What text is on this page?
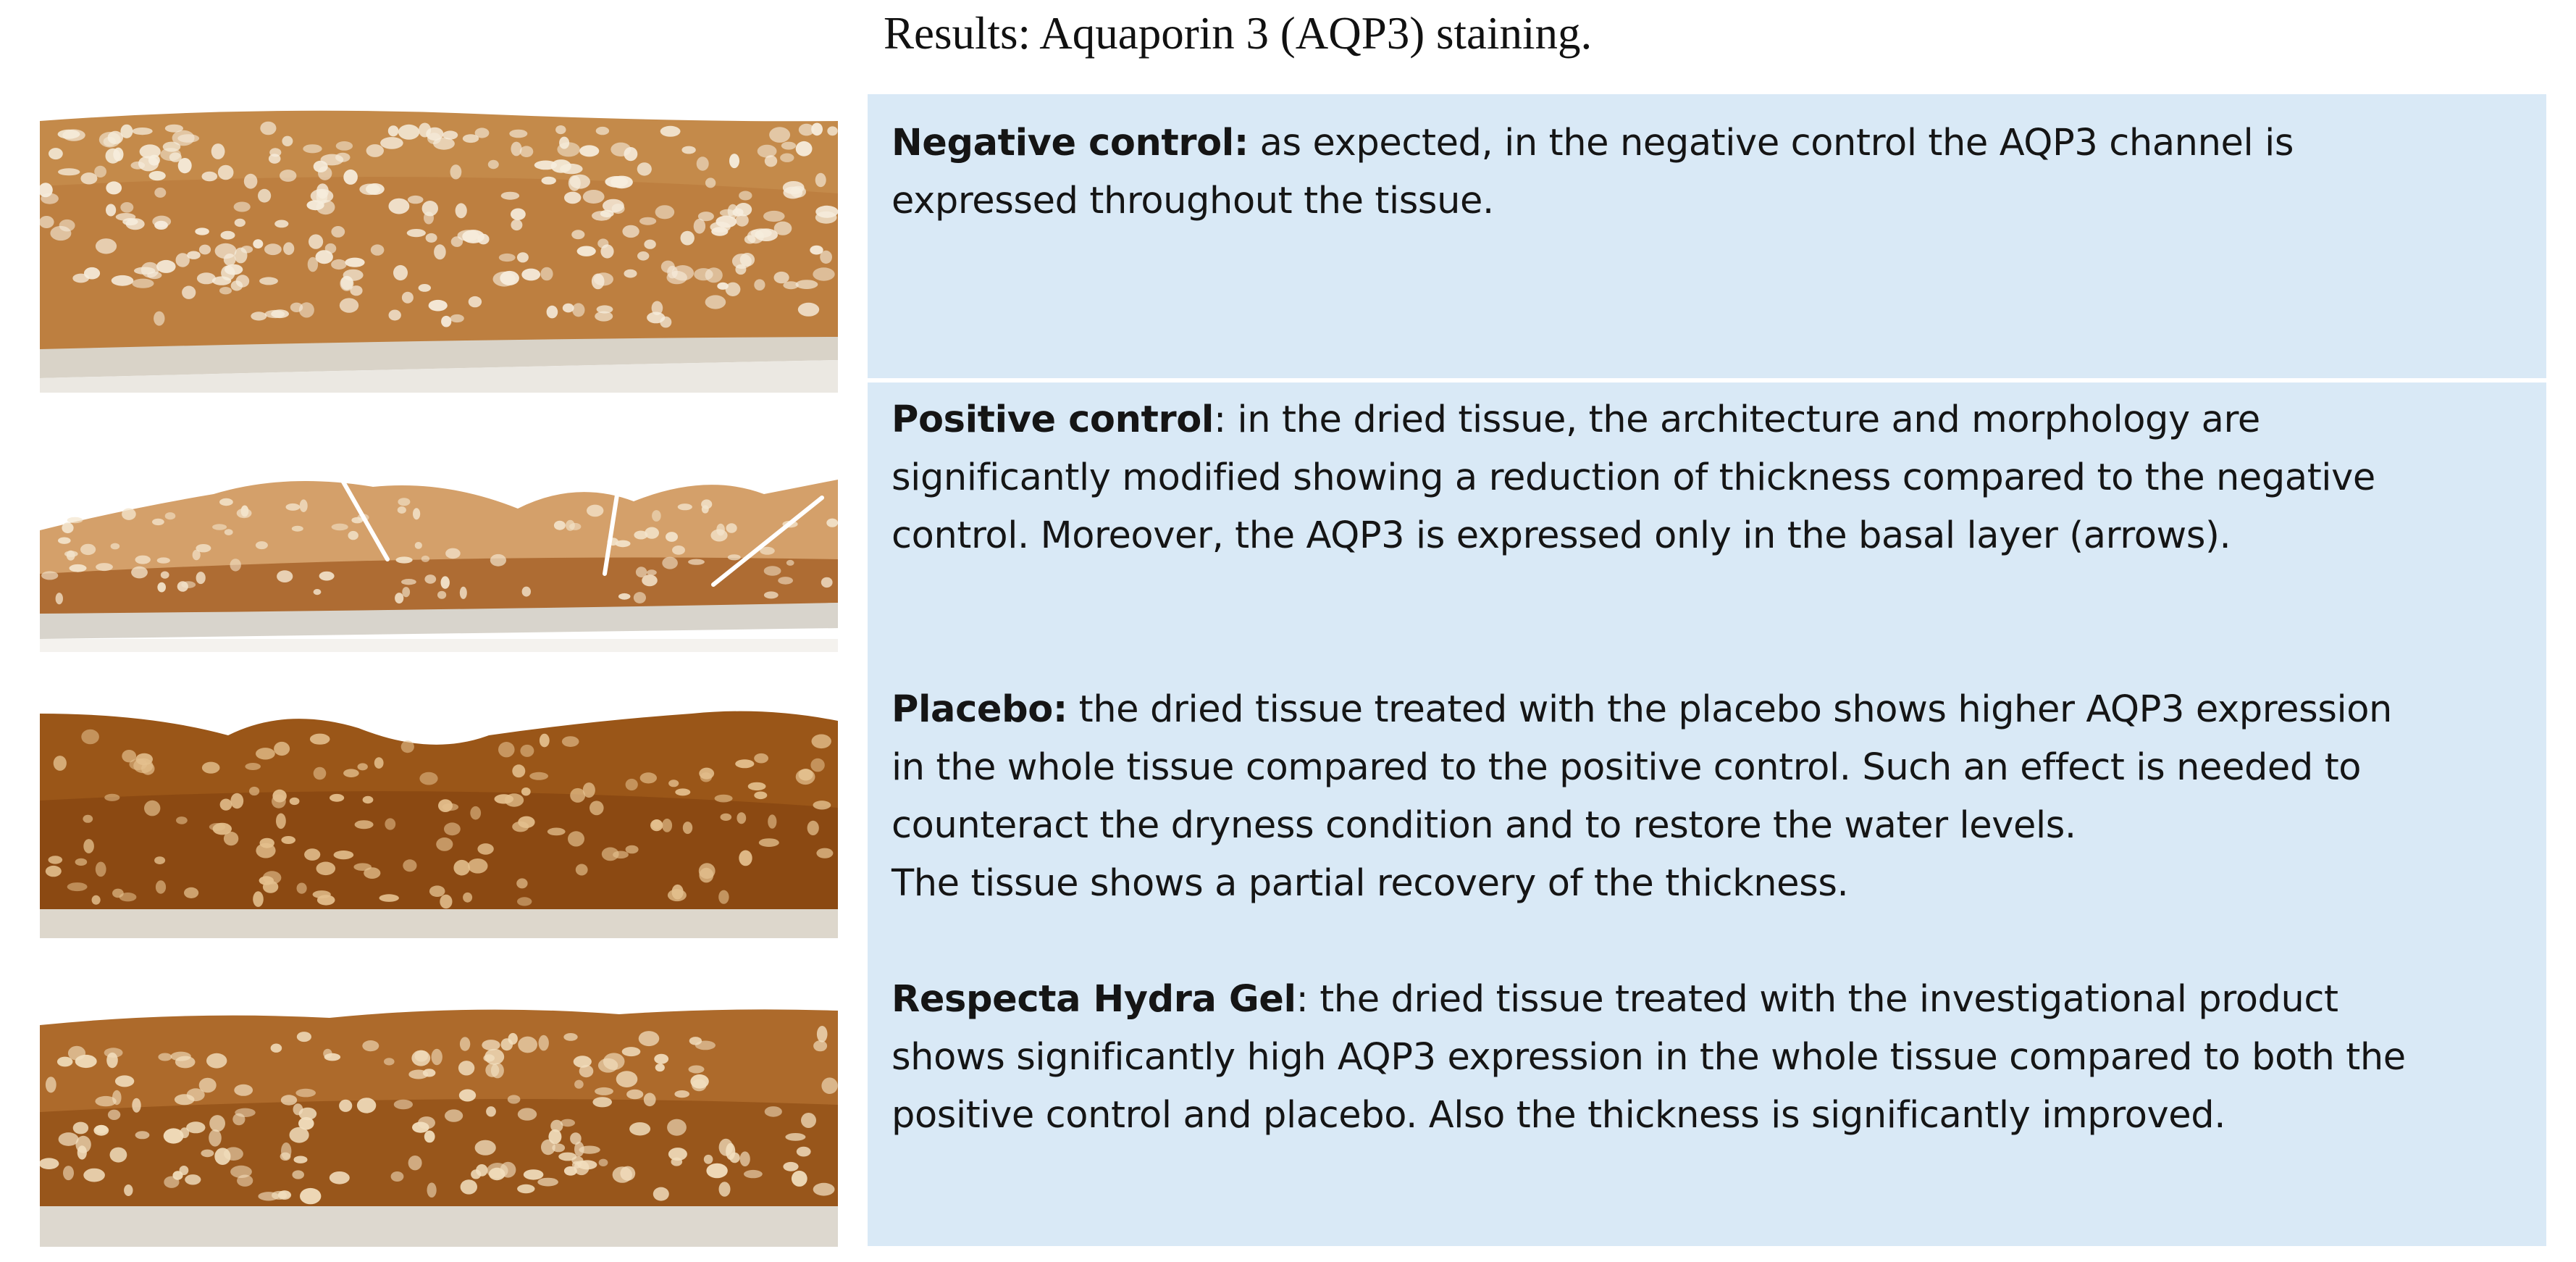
Results: Aquaporin 3 (AQP3) staining.

Negative control: as expected, in the negative control the AQP3 channel is
expressed throughout the tissue.

Positive control: in the dried tissue, the architecture and morphology are
significantly modified showing a reduction of thickness compared to the negative
control. Moreover, the AQP3 is expressed only in the basal layer (arrows).

Placebo: the dried tissue treated with the placebo shows higher AQP3 expression
in the whole tissue compared to the positive control. Such an effect is needed to
counteract the dryness condition and to restore the water levels.
The tissue shows a partial recovery of the thickness.

Respecta Hydra Gel: the dried tissue treated with the investigational product
shows significantly high AQP3 expression in the whole tissue compared to both the
positive control and placebo. Also the thickness is significantly improved.
